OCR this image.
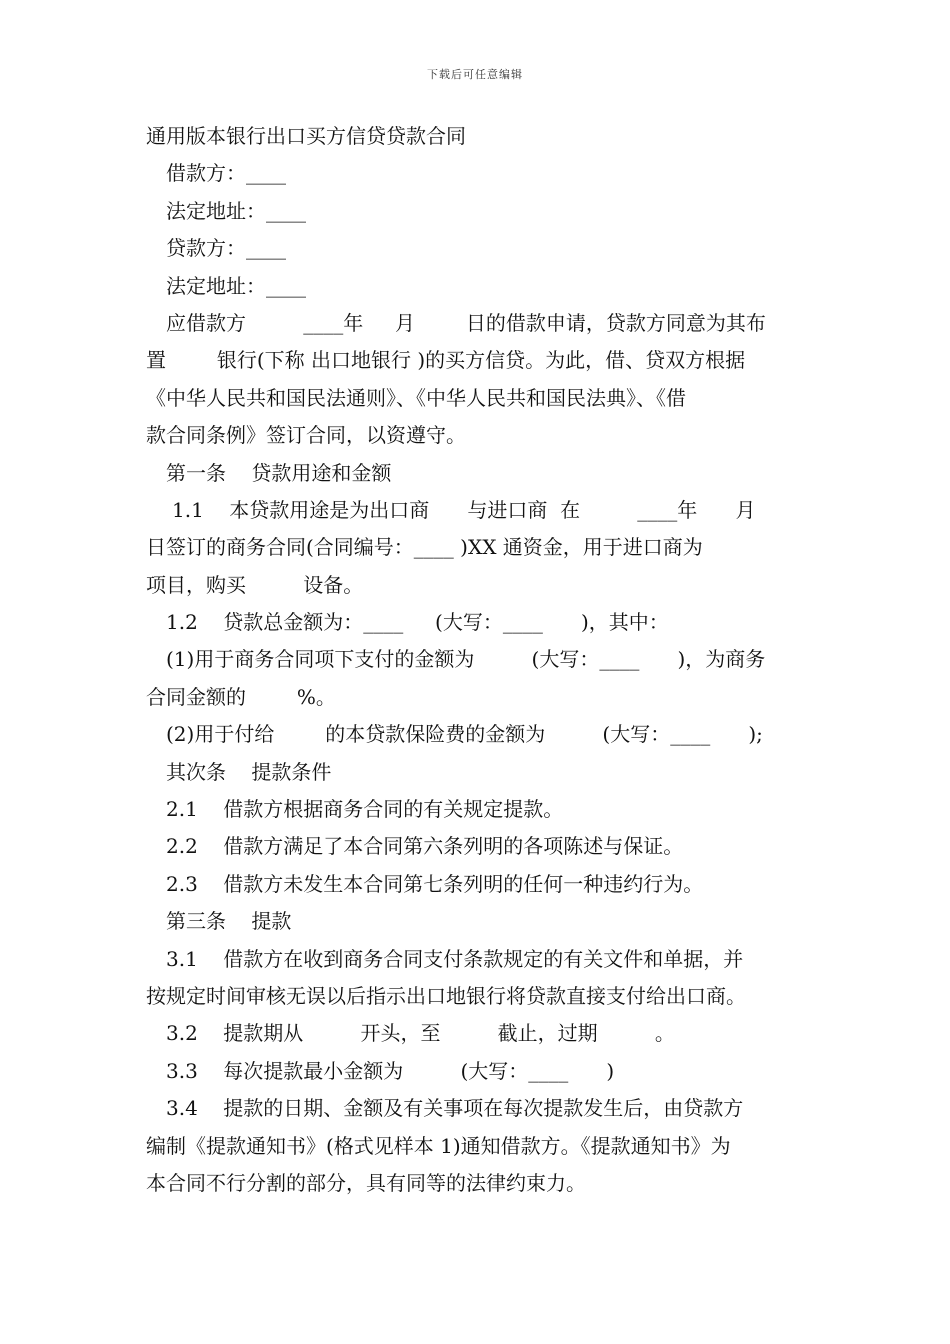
下载后可任意编辑
通用版本银行出口买方信贷贷款合同
借款方：____
法定地址：____
贷款方：____
法定地址：____
应借款方         ____年     月        日的借款申请，贷款方同意为其布
置        银行(下称 出口地银行 )的买方信贷。为此，借、贷双方根据
《中华人民共和国民法通则》、《中华人民共和国民法典》、《借
款合同条例》签订合同，以资遵守。
第一条    贷款用途和金额
1.1    本贷款用途是为出口商      与进口商  在         ____年      月
日签订的商务合同(合同编号：____ )XX 通资金，用于进口商为
项目，购买         设备。
1.2    贷款总金额为：____     (大写：____      )，其中：
(1)用于商务合同项下支付的金额为         (大写：____      )，为商务
合同金额的        %。
(2)用于付给        的本贷款保险费的金额为         (大写：____      );
其次条    提款条件
2.1    借款方根据商务合同的有关规定提款。
2.2    借款方满足了本合同第六条列明的各项陈述与保证。
2.3    借款方未发生本合同第七条列明的任何一种违约行为。
第三条    提款
3.1    借款方在收到商务合同支付条款规定的有关文件和单据，并
按规定时间审核无误以后指示出口地银行将贷款直接支付给出口商。
3.2    提款期从         开头，至         截止，过期         。
3.3    每次提款最小金额为         (大写：____      )
3.4    提款的日期、金额及有关事项在每次提款发生后，由贷款方
编制《提款通知书》(格式见样本 1)通知借款方。《提款通知书》为
本合同不行分割的部分，具有同等的法律约束力。
